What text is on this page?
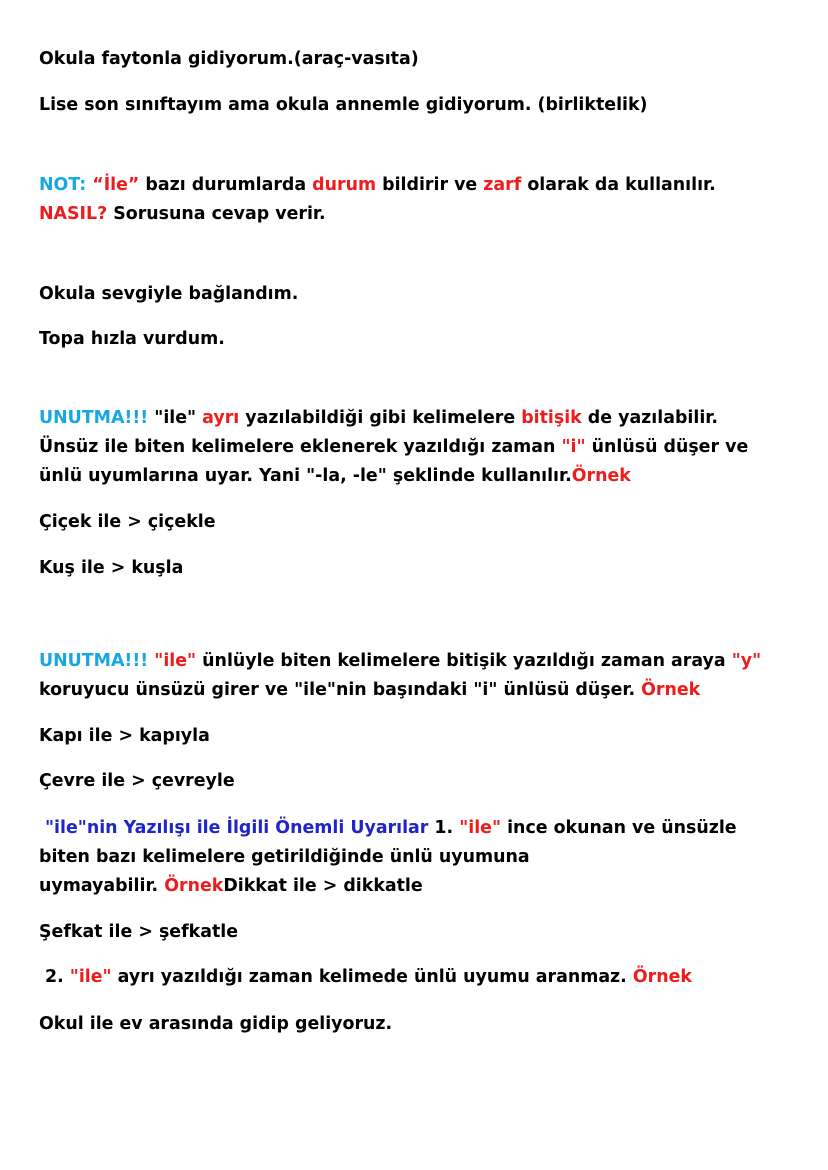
Okula faytonla gidiyorum.(araç-vasıta)
Lise son sınıftayım ama okula annemle gidiyorum. (birliktelik)
NOT: “İle” bazı durumlarda durum bildirir ve zarf olarak da kullanılır.
NASIL? Sorusuna cevap verir.
Okula sevgiyle bağlandım.
Topa hızla vurdum.
UNUTMA!!! "ile" ayrı yazılabildiği gibi kelimelere bitişik de yazılabilir.
Ünsüz ile biten kelimelere eklenerek yazıldığı zaman "i" ünlüsü düşer ve
ünlü uyumlarına uyar. Yani "-la, -le" şeklinde kullanılır.Örnek
Çiçek ile > çiçekle
Kuş ile > kuşla
UNUTMA!!! "ile" ünlüyle biten kelimelere bitişik yazıldığı zaman araya "y"
koruyucu ünsüzü girer ve "ile"nin başındaki "i" ünlüsü düşer. Örnek
Kapı ile > kapıyla
Çevre ile > çevreyle
"ile"nin Yazılışı ile İlgili Önemli Uyarılar 1. "ile" ince okunan ve ünsüzle
biten bazı kelimelere getirildiğinde ünlü uyumuna
uymayabilir. ÖrnekDikkat ile > dikkatle
Şefkat ile > şefkatle
2. "ile" ayrı yazıldığı zaman kelimede ünlü uyumu aranmaz. Örnek
Okul ile ev arasında gidip geliyoruz.
